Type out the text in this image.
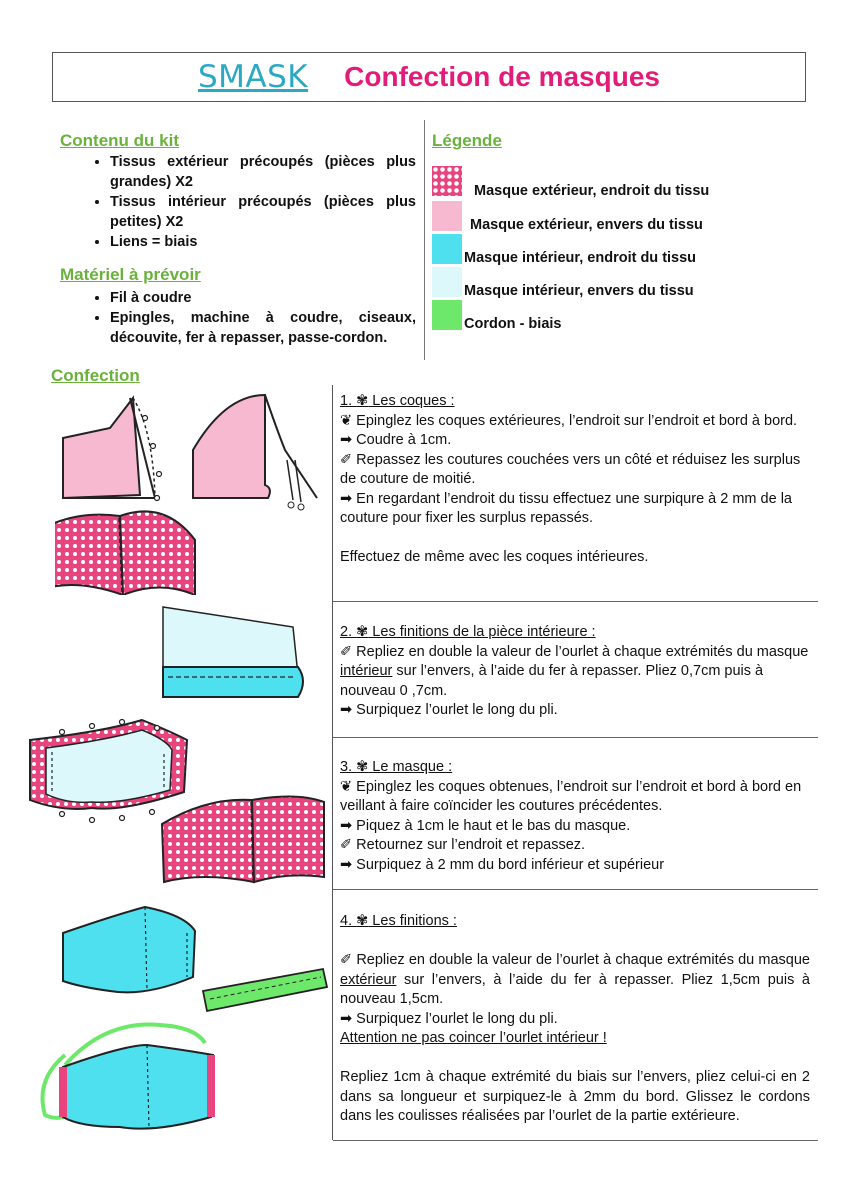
SMASK Confection de masques
Contenu du kit
• Tissus extérieur précoupés (pièces plus grandes) X2
• Tissus intérieur précoupés (pièces plus petites) X2
• Liens = biais
Matériel à prévoir
• Fil à coudre
• Epingles, machine à coudre, ciseaux, découvite, fer à repasser, passe-cordon.
Légende
Masque extérieur, endroit du tissu
Masque extérieur, envers du tissu
Masque intérieur, endroit du tissu
Masque intérieur, envers du tissu
Cordon - biais
Confection

1. ✾ Les coques :

❦ Epinglez les coques extérieures, l’endroit sur l’endroit et bord à bord.

➡ Coudre à 1cm.

✐ Repassez les coutures couchées vers un côté et réduisez les surplus de couture de moitié.

➡ En regardant l’endroit du tissu effectuez une surpiqure à 2 mm de la couture pour fixer les surplus repassés.

Effectuez de même avec les coques intérieures.

2. ✾ Les finitions de la pièce intérieure :

✐ Repliez en double la valeur de l’ourlet à chaque extrémités du masque intérieur sur l’envers, à l’aide du fer à repasser. Pliez 0,7cm puis à nouveau 0 ,7cm.

➡ Surpiquez l’ourlet le long du pli.

3. ✾ Le masque :

❦ Epinglez les coques obtenues, l’endroit sur l’endroit et bord à bord en veillant à faire coïncider les coutures précédentes.

➡ Piquez à 1cm le haut et le bas du masque.

✐ Retournez sur l’endroit et repassez.

➡ Surpiquez à 2 mm du bord inférieur et supérieur

4. ✾ Les finitions :

✐ Repliez en double la valeur de l’ourlet à chaque extrémités du masque extérieur sur l’envers, à l’aide du fer à repasser. Pliez 1,5cm puis à nouveau 1,5cm.

➡ Surpiquez l’ourlet le long du pli.

Attention ne pas coincer l’ourlet intérieur !

Repliez 1cm à chaque extrémité du biais sur l’envers, pliez celui-ci en 2 dans sa longueur et surpiquez-le à 2mm du bord. Glissez le cordons dans les coulisses réalisées par l’ourlet de la partie extérieure.
